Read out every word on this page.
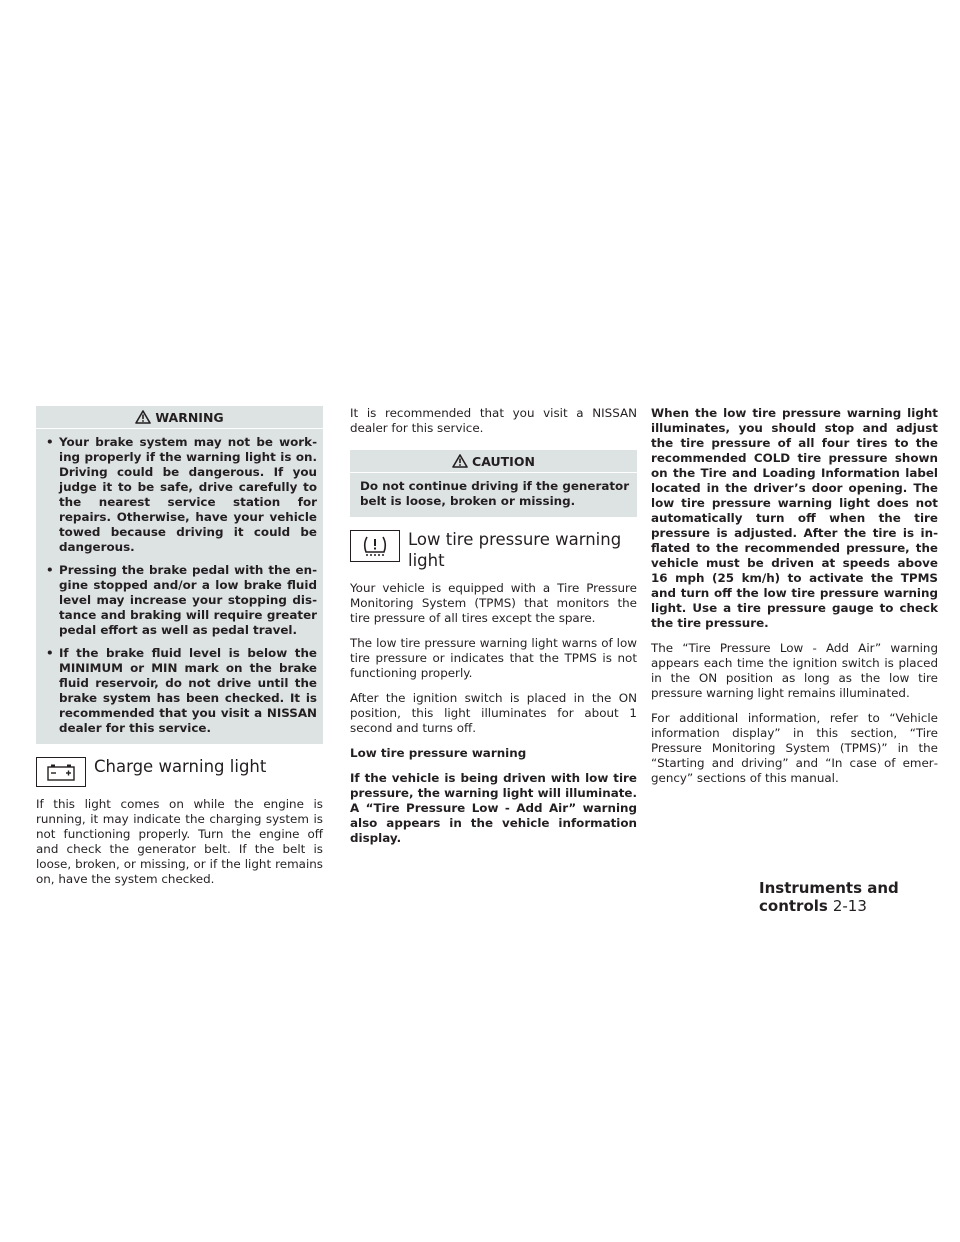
WARNING
• Your brake system may not be working properly if the warning light is on. Driving could be dangerous. If you judge it to be safe, drive carefully to the nearest service station for repairs. Otherwise, have your vehicle towed because driving it could be dangerous.
• Pressing the brake pedal with the engine stopped and/or a low brake fluid level may increase your stopping distance and braking will require greater pedal effort as well as pedal travel.
• If the brake fluid level is below the MINIMUM or MIN mark on the brake fluid reservoir, do not drive until the brake system has been checked. It is recommended that you visit a NISSAN dealer for this service.
Charge warning light

If this light comes on while the engine is running, it may indicate the charging system is not functioning properly. Turn the engine off and check the generator belt. If the belt is loose, broken, or missing, or if the light remains on, have the system checked.

It is recommended that you visit a NISSAN dealer for this service.

CAUTION

Do not continue driving if the generator belt is loose, broken or missing.

Low tire pressure warning light

Your vehicle is equipped with a Tire Pressure Monitoring System (TPMS) that monitors the tire pressure of all tires except the spare.

The low tire pressure warning light warns of low tire pressure or indicates that the TPMS is not functioning properly.

After the ignition switch is placed in the ON position, this light illuminates for about 1 second and turns off.

Low tire pressure warning

If the vehicle is being driven with low tire pressure, the warning light will illuminate. A “Tire Pressure Low - Add Air” warning also appears in the vehicle information display.

When the low tire pressure warning light illuminates, you should stop and adjust the tire pressure of all four tires to the recommended COLD tire pressure shown on the Tire and Loading Information label located in the driver’s door opening. The low tire pressure warning light does not automatically turn off when the tire pressure is adjusted. After the tire is inflated to the recommended pressure, the vehicle must be driven at speeds above 16 mph (25 km/h) to activate the TPMS and turn off the low tire pressure warning light. Use a tire pressure gauge to check the tire pressure.

The “Tire Pressure Low - Add Air” warning appears each time the ignition switch is placed in the ON position as long as the low tire pressure warning light remains illuminated.

For additional information, refer to “Vehicle information display” in this section, “Tire Pressure Monitoring System (TPMS)” in the “Starting and driving” and “In case of emergency” sections of this manual.

Instruments and controls 2-13
